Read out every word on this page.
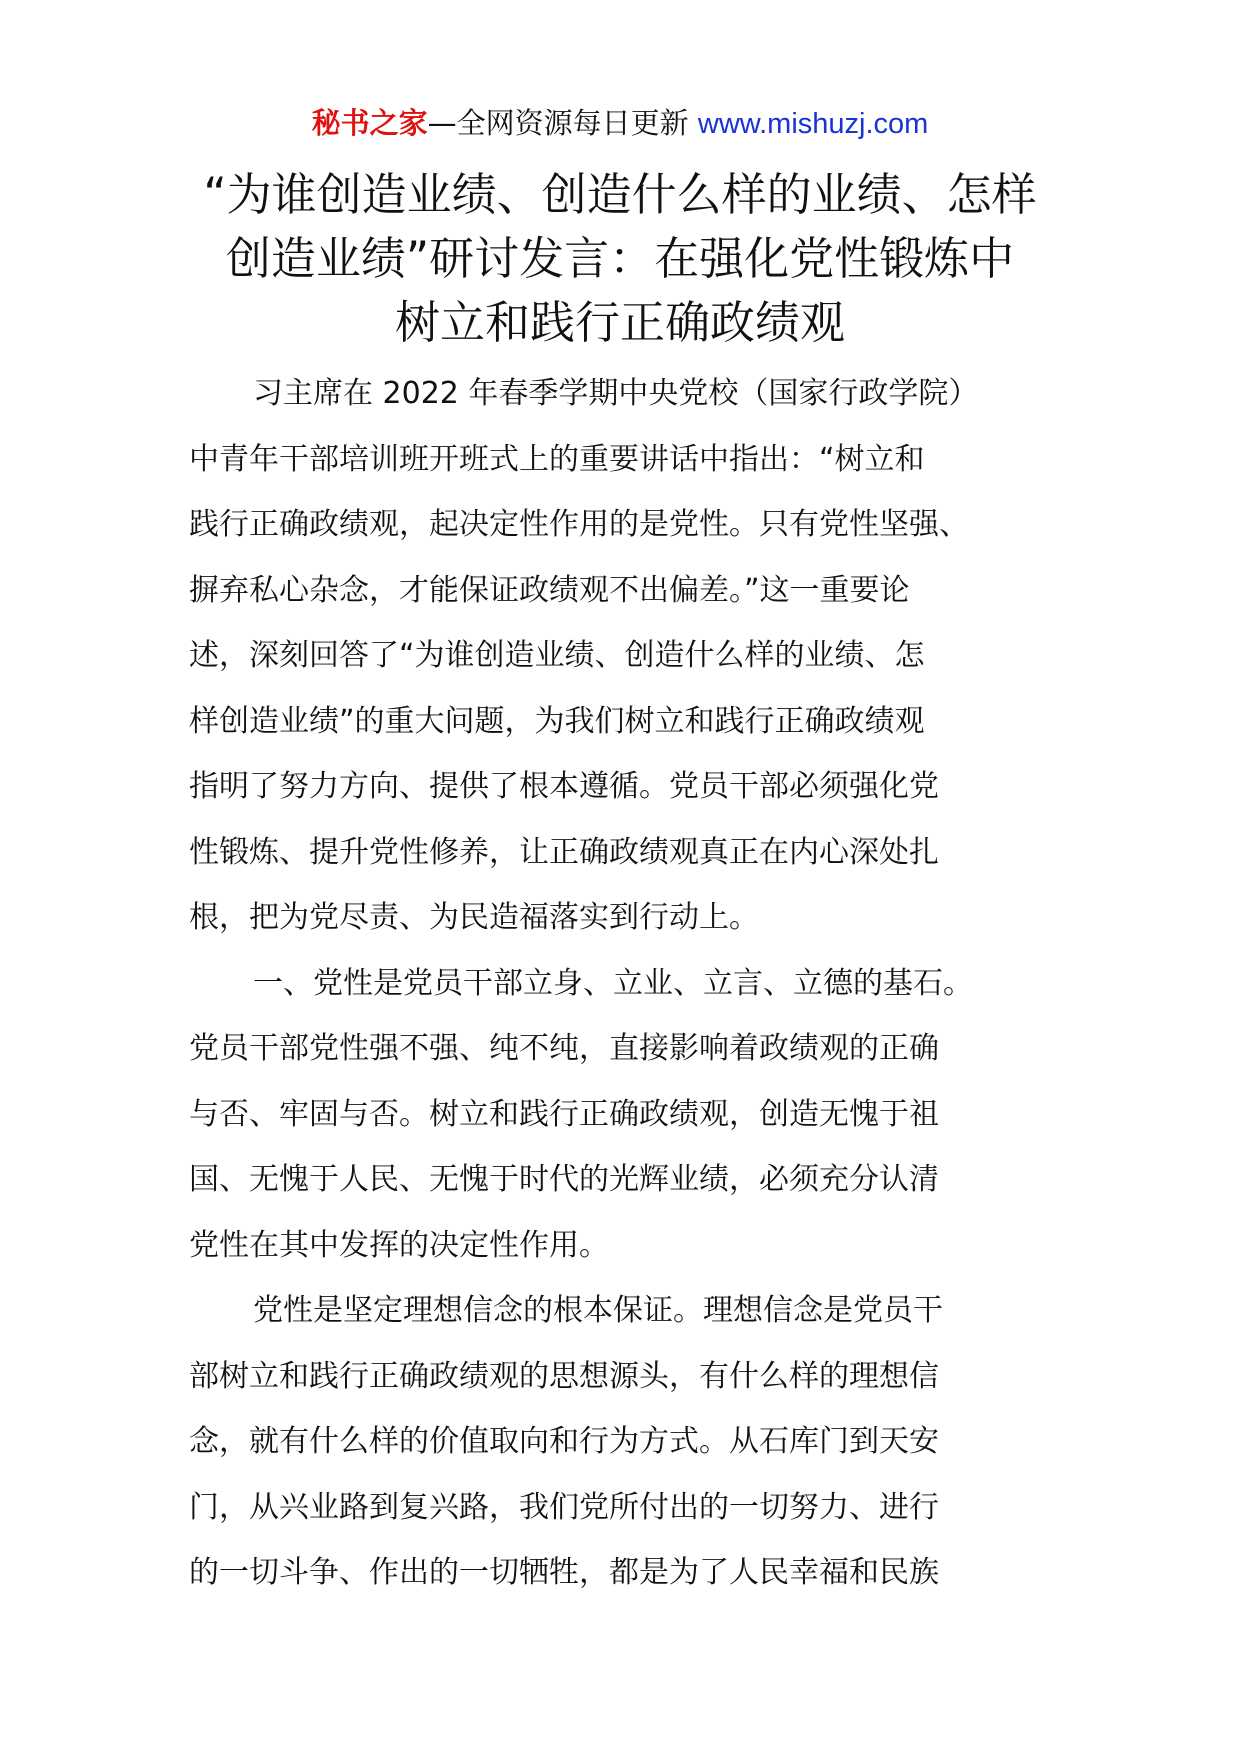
秘书之家—全网资源每日更新 www.mishuzj.com
“为谁创造业绩、创造什么样的业绩、怎样
创造业绩”研讨发言：在强化党性锻炼中
树立和践行正确政绩观
习主席在 2022 年春季学期中央党校（国家行政学院）
中青年干部培训班开班式上的重要讲话中指出：“树立和
践行正确政绩观，起决定性作用的是党性。只有党性坚强、
摒弃私心杂念，才能保证政绩观不出偏差。”这一重要论
述，深刻回答了“为谁创造业绩、创造什么样的业绩、怎
样创造业绩”的重大问题，为我们树立和践行正确政绩观
指明了努力方向、提供了根本遵循。党员干部必须强化党
性锻炼、提升党性修养，让正确政绩观真正在内心深处扎
根，把为党尽责、为民造福落实到行动上。
一、党性是党员干部立身、立业、立言、立德的基石。
党员干部党性强不强、纯不纯，直接影响着政绩观的正确
与否、牢固与否。树立和践行正确政绩观，创造无愧于祖
国、无愧于人民、无愧于时代的光辉业绩，必须充分认清
党性在其中发挥的决定性作用。
党性是坚定理想信念的根本保证。理想信念是党员干
部树立和践行正确政绩观的思想源头，有什么样的理想信
念，就有什么样的价值取向和行为方式。从石库门到天安
门，从兴业路到复兴路，我们党所付出的一切努力、进行
的一切斗争、作出的一切牺牲，都是为了人民幸福和民族
